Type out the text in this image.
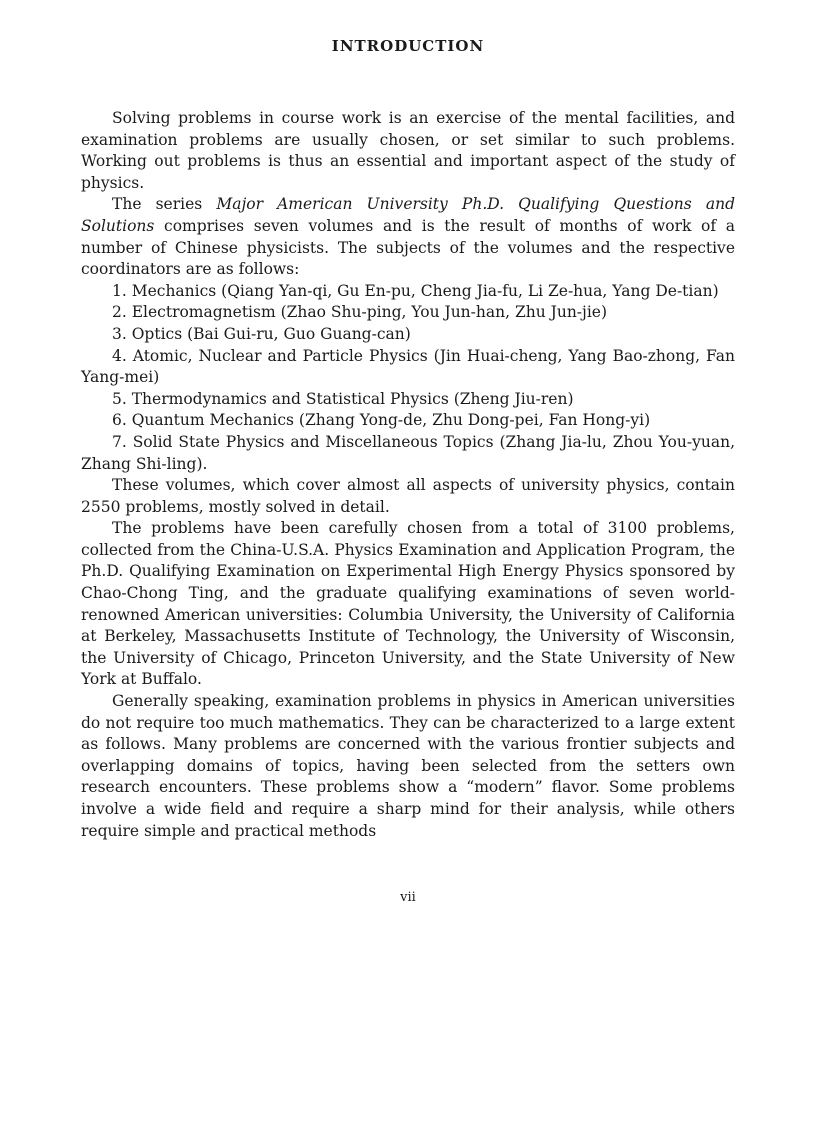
INTRODUCTION

Solving problems in course work is an exercise of the mental facilities, and examination problems are usually chosen, or set similar to such problems. Working out problems is thus an essential and important aspect of the study of physics.

The series Major American University Ph.D. Qualifying Questions and Solutions comprises seven volumes and is the result of months of work of a number of Chinese physicists. The subjects of the volumes and the respective coordinators are as follows:

1. Mechanics (Qiang Yan-qi, Gu En-pu, Cheng Jia-fu, Li Ze-hua, Yang De-tian)

2. Electromagnetism (Zhao Shu-ping, You Jun-han, Zhu Jun-jie)

3. Optics (Bai Gui-ru, Guo Guang-can)

4. Atomic, Nuclear and Particle Physics (Jin Huai-cheng, Yang Bao-zhong, Fan Yang-mei)

5. Thermodynamics and Statistical Physics (Zheng Jiu-ren)

6. Quantum Mechanics (Zhang Yong-de, Zhu Dong-pei, Fan Hong-yi)

7. Solid State Physics and Miscellaneous Topics (Zhang Jia-lu, Zhou You-yuan, Zhang Shi-ling).

These volumes, which cover almost all aspects of university physics, contain 2550 problems, mostly solved in detail.

The problems have been carefully chosen from a total of 3100 problems, collected from the China-U.S.A. Physics Examination and Application Program, the Ph.D. Qualifying Examination on Experimental High Energy Physics sponsored by Chao-Chong Ting, and the graduate qualifying examinations of seven world-renowned American universities: Columbia University, the University of California at Berkeley, Massachusetts Institute of Technology, the University of Wisconsin, the University of Chicago, Princeton University, and the State University of New York at Buffalo.

Generally speaking, examination problems in physics in American universities do not require too much mathematics. They can be characterized to a large extent as follows. Many problems are concerned with the various frontier subjects and overlapping domains of topics, having been selected from the setters own research encounters. These problems show a “modern” flavor. Some problems involve a wide field and require a sharp mind for their analysis, while others require simple and practical methods

vii
